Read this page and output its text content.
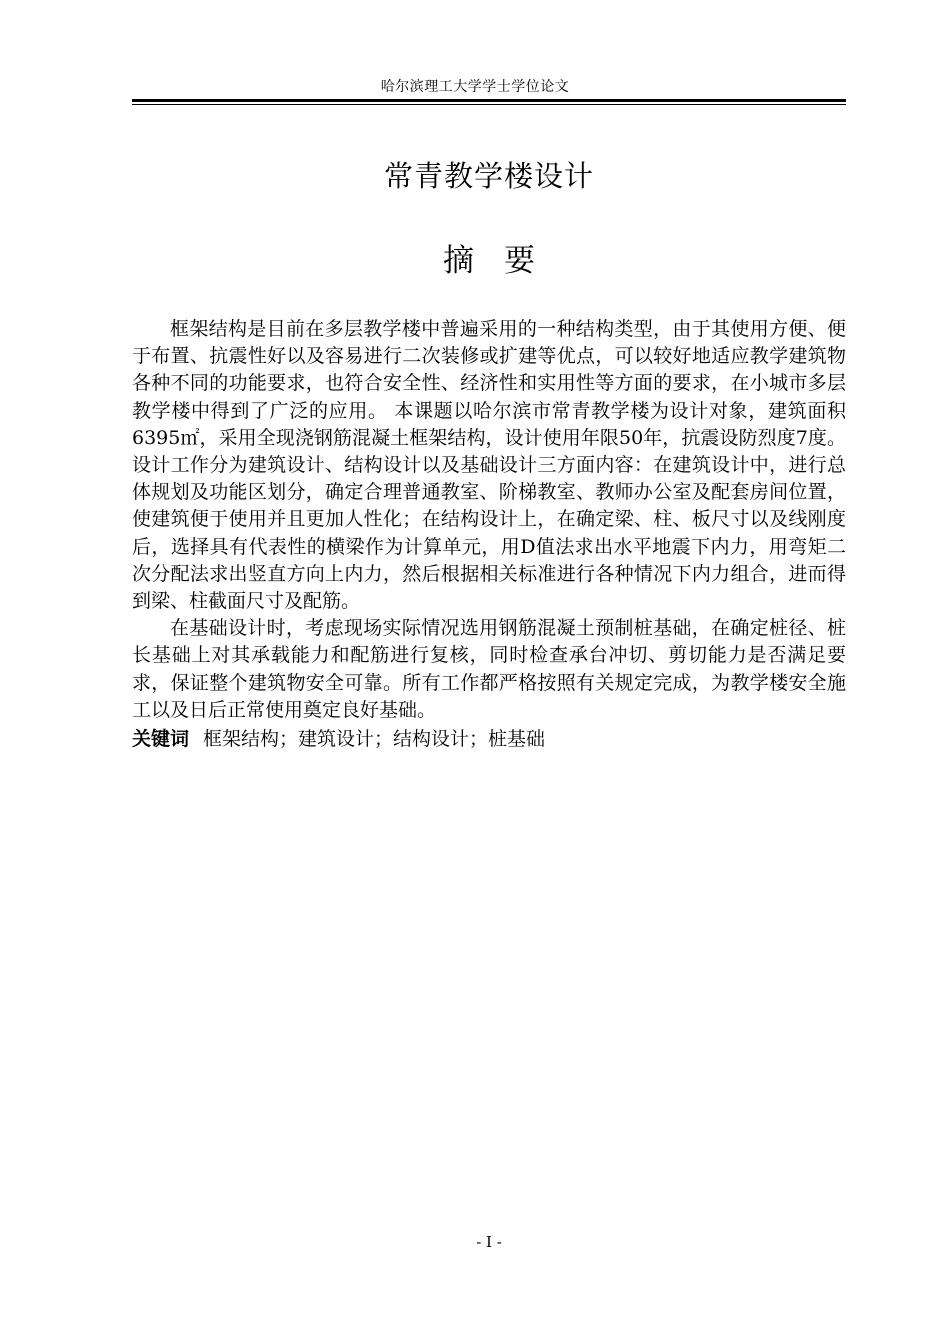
哈尔滨理工大学学士学位论文
常青教学楼设计
摘 要

框架结构是目前在多层教学楼中普遍采用的一种结构类型，由于其使用方便、便于布置、抗震性好以及容易进行二次装修或扩建等优点，可以较好地适应教学建筑物各种不同的功能要求，也符合安全性、经济性和实用性等方面的要求，在小城市多层教学楼中得到了广泛的应用。 本课题以哈尔滨市常青教学楼为设计对象，建筑面积6395㎡，采用全现浇钢筋混凝土框架结构，设计使用年限50年，抗震设防烈度7度。设计工作分为建筑设计、结构设计以及基础设计三方面内容：在建筑设计中，进行总体规划及功能区划分，确定合理普通教室、阶梯教室、教师办公室及配套房间位置，使建筑便于使用并且更加人性化；在结构设计上，在确定梁、柱、板尺寸以及线刚度后，选择具有代表性的横梁作为计算单元，用D值法求出水平地震下内力，用弯矩二次分配法求出竖直方向上内力，然后根据相关标准进行各种情况下内力组合，进而得到梁、柱截面尺寸及配筋。

在基础设计时，考虑现场实际情况选用钢筋混凝土预制桩基础，在确定桩径、桩长基础上对其承载能力和配筋进行复核，同时检查承台冲切、剪切能力是否满足要求，保证整个建筑物安全可靠。所有工作都严格按照有关规定完成，为教学楼安全施工以及日后正常使用奠定良好基础。

关键词 框架结构；建筑设计；结构设计；桩基础
- I -
